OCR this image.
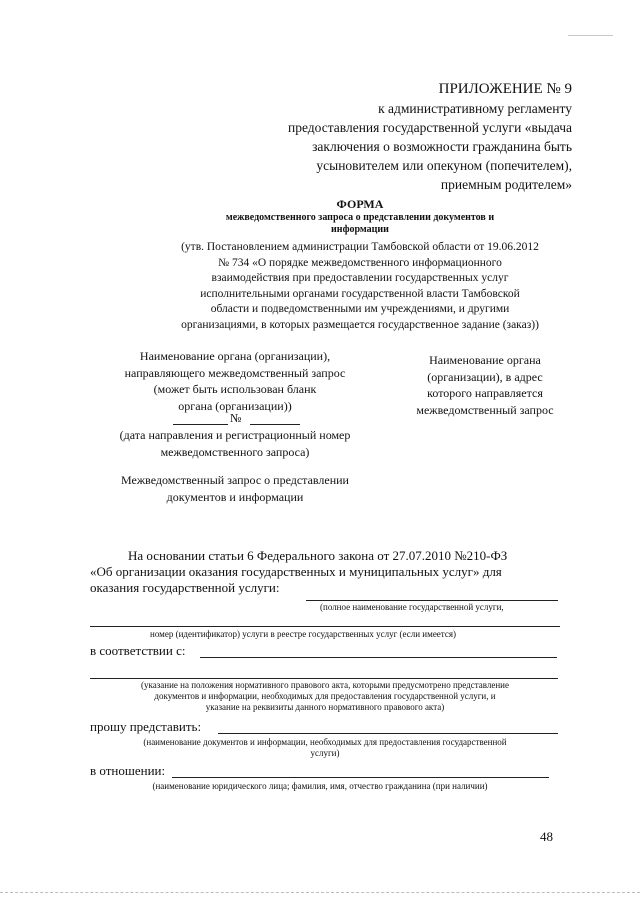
ПРИЛОЖЕНИЕ № 9
к административному регламенту
предоставления государственной услуги «выдача
заключения о возможности гражданина быть
усыновителем или опекуном (попечителем),
приемным родителем»
ФОРМА
межведомственного запроса о представлении документов и
информации
(утв. Постановлением администрации Тамбовской области от 19.06.2012
№ 734 «О порядке межведомственного информационного
взаимодействия при предоставлении государственных услуг
исполнительными органами государственной власти Тамбовской
области и подведомственными им учреждениями, и другими
организациями, в которых размещается государственное задание (заказ))
Наименование органа (организации),
направляющего межведомственный запрос
(может быть использован бланк
органа (организации))
№
(дата направления и регистрационный номер
межведомственного запроса)
Межведомственный запрос о представлении
документов и информации
Наименование органа
(организации), в адрес
которого направляется
межведомственный запрос
На основании статьи 6 Федерального закона от 27.07.2010 №210-ФЗ
«Об организации оказания государственных и муниципальных услуг» для
оказания государственной услуги:
(полное наименование государственной услуги,
номер (идентификатор) услуги в реестре государственных услуг (если имеется)
в соответствии с:
(указание на положения нормативного правового акта, которыми предусмотрено представление
документов и информации, необходимых для предоставления государственной услуги, и
указание на реквизиты данного нормативного правового акта)
прошу представить:
(наименование документов и информации, необходимых для предоставления государственной
услуги)
в отношении:
(наименование юридического лица; фамилия, имя, отчество гражданина (при наличии)
48
